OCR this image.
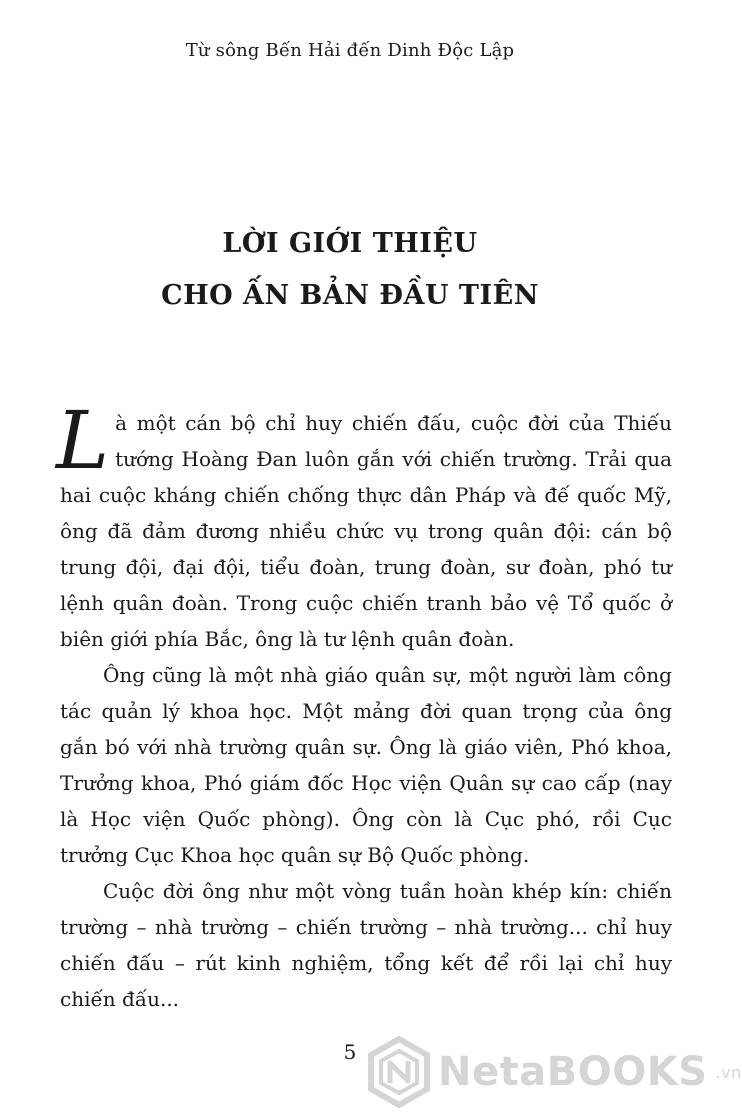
Từ sông Bến Hải đến Dinh Độc Lập
LỜI GIỚI THIỆU
CHO ẤN BẢN ĐẦU TIÊN

Là một cán bộ chỉ huy chiến đấu, cuộc đời của Thiếu tướng Hoàng Đan luôn gắn với chiến trường. Trải qua hai cuộc kháng chiến chống thực dân Pháp và đế quốc Mỹ, ông đã đảm đương nhiều chức vụ trong quân đội: cán bộ trung đội, đại đội, tiểu đoàn, trung đoàn, sư đoàn, phó tư lệnh quân đoàn. Trong cuộc chiến tranh bảo vệ Tổ quốc ở biên giới phía Bắc, ông là tư lệnh quân đoàn.

Ông cũng là một nhà giáo quân sự, một người làm công tác quản lý khoa học. Một mảng đời quan trọng của ông gắn bó với nhà trường quân sự. Ông là giáo viên, Phó khoa, Trưởng khoa, Phó giám đốc Học viện Quân sự cao cấp (nay là Học viện Quốc phòng). Ông còn là Cục phó, rồi Cục trưởng Cục Khoa học quân sự Bộ Quốc phòng.

Cuộc đời ông như một vòng tuần hoàn khép kín: chiến trường – nhà trường – chiến trường – nhà trường... chỉ huy chiến đấu – rút kinh nghiệm, tổng kết để rồi lại chỉ huy chiến đấu...

5	NetaBOOKS .vn
